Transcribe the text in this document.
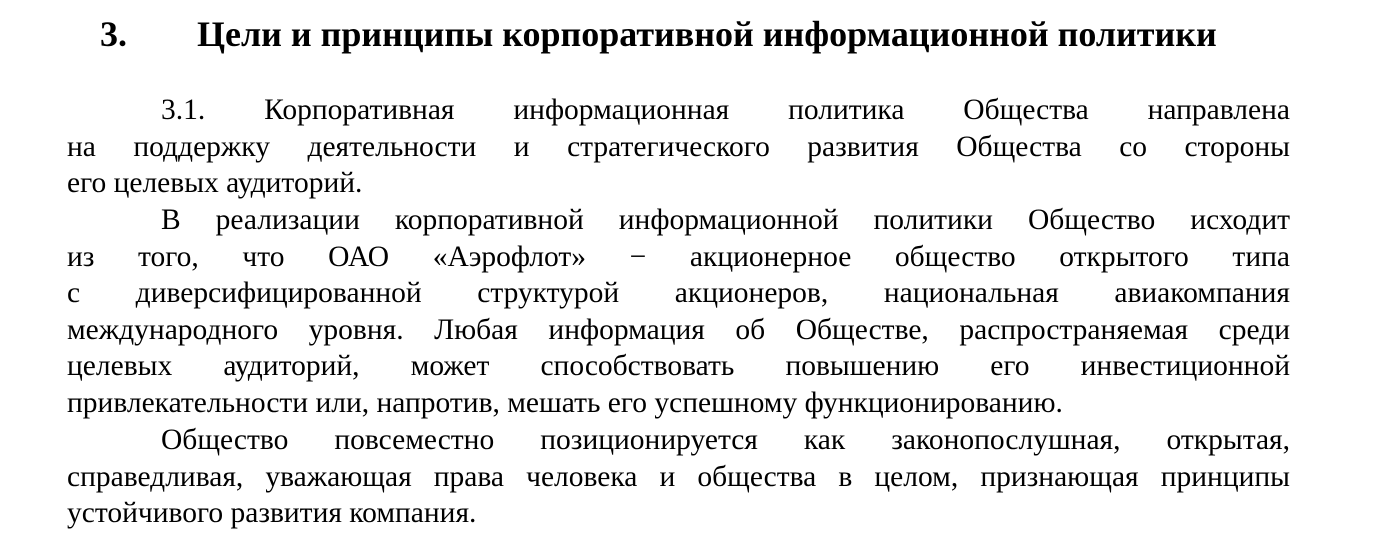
3. Цели и принципы корпоративной информационной политики

3.1. Корпоративная информационная политика Общества направлена
на поддержку деятельности и стратегического развития Общества со стороны
его целевых аудиторий.

В реализации корпоративной информационной политики Общество исходит
из того, что ОАО «Аэрофлот» − акционерное общество открытого типа
с диверсифицированной структурой акционеров, национальная авиакомпания
международного уровня. Любая информация об Обществе, распространяемая среди
целевых аудиторий, может способствовать повышению его инвестиционной
привлекательности или, напротив, мешать его успешному функционированию.

Общество повсеместно позиционируется как законопослушная, открытая,
справедливая, уважающая права человека и общества в целом, признающая принципы
устойчивого развития компания.
